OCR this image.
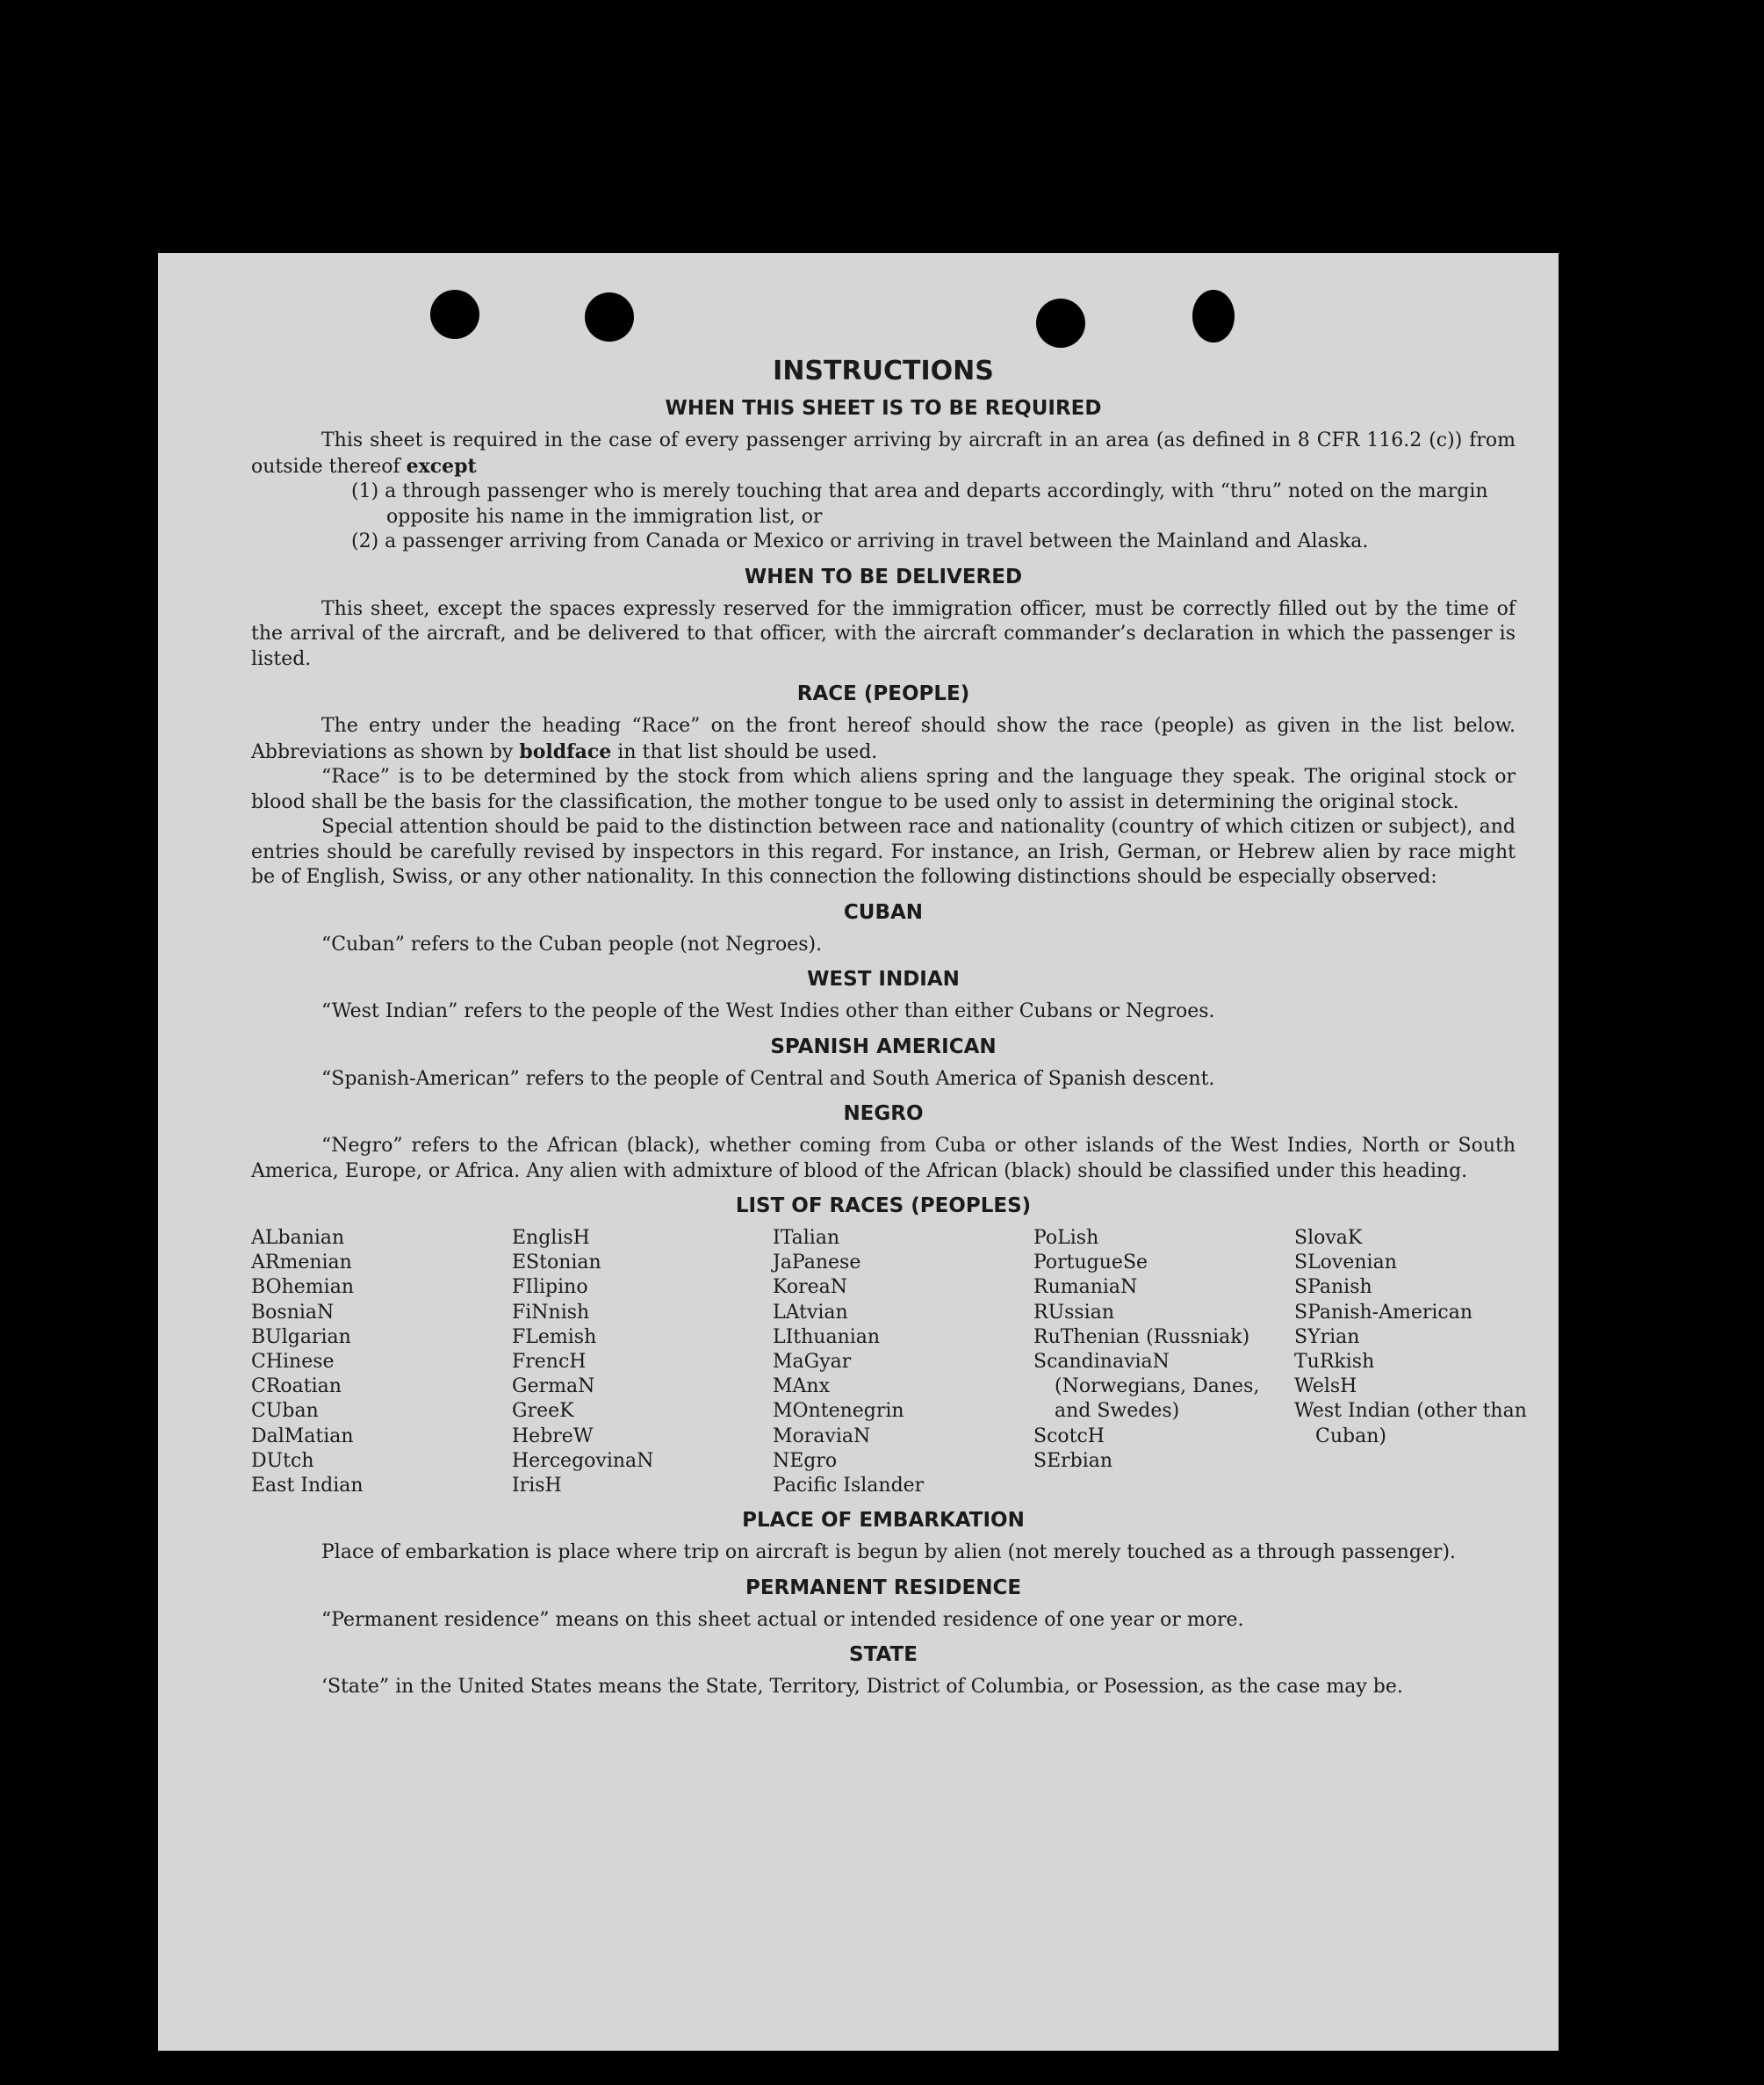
INSTRUCTIONS
WHEN THIS SHEET IS TO BE REQUIRED

This sheet is required in the case of every passenger arriving by aircraft in an area (as defined in 8 CFR 116.2 (c)) from outside thereof except

(1) a through passenger who is merely touching that area and departs accordingly, with “thru” noted on the margin opposite his name in the immigration list, or
(2) a passenger arriving from Canada or Mexico or arriving in travel between the Mainland and Alaska.
WHEN TO BE DELIVERED

This sheet, except the spaces expressly reserved for the immigration officer, must be correctly filled out by the time of the arrival of the aircraft, and be delivered to that officer, with the aircraft commander’s declaration in which the passenger is listed.

RACE (PEOPLE)

The entry under the heading “Race” on the front hereof should show the race (people) as given in the list below. Abbreviations as shown by boldface in that list should be used.

“Race” is to be determined by the stock from which aliens spring and the language they speak. The original stock or blood shall be the basis for the classification, the mother tongue to be used only to assist in determining the original stock.

Special attention should be paid to the distinction between race and nationality (country of which citizen or subject), and entries should be carefully revised by inspectors in this regard. For instance, an Irish, German, or Hebrew alien by race might be of English, Swiss, or any other nationality. In this connection the following distinctions should be especially observed:

CUBAN

“Cuban” refers to the Cuban people (not Negroes).

WEST INDIAN

“West Indian” refers to the people of the West Indies other than either Cubans or Negroes.

SPANISH AMERICAN

“Spanish-American” refers to the people of Central and South America of Spanish descent.

NEGRO

“Negro” refers to the African (black), whether coming from Cuba or other islands of the West Indies, North or South America, Europe, or Africa. Any alien with admixture of blood of the African (black) should be classified under this heading.

LIST OF RACES (PEOPLES)
ALbanian
ARmenian
BOhemian
BosniaN
BUlgarian
CHinese
CRoatian
CUban
DalMatian
DUtch
East Indian
EnglisH
EStonian
FIlipino
FiNnish
FLemish
FrencH
GermaN
GreeK
HebreW
HercegovinaN
IrisH
ITalian
JaPanese
KoreaN
LAtvian
LIthuanian
MaGyar
MAnx
MOntenegrin
MoraviaN
NEgro
Pacific Islander
PoLish
PortugueSe
RumaniaN
RUssian
RuThenian (Russniak)
ScandinaviaN (Norwegians, Danes, and Swedes)
ScotcH
SErbian
SlovaK
SLovenian
SPanish
SPanish-American
SYrian
TuRkish
WelsH
West Indian (other than Cuban)
PLACE OF EMBARKATION

Place of embarkation is place where trip on aircraft is begun by alien (not merely touched as a through passenger).

PERMANENT RESIDENCE

“Permanent residence” means on this sheet actual or intended residence of one year or more.

STATE

‘State” in the United States means the State, Territory, District of Columbia, or Posession, as the case may be.
